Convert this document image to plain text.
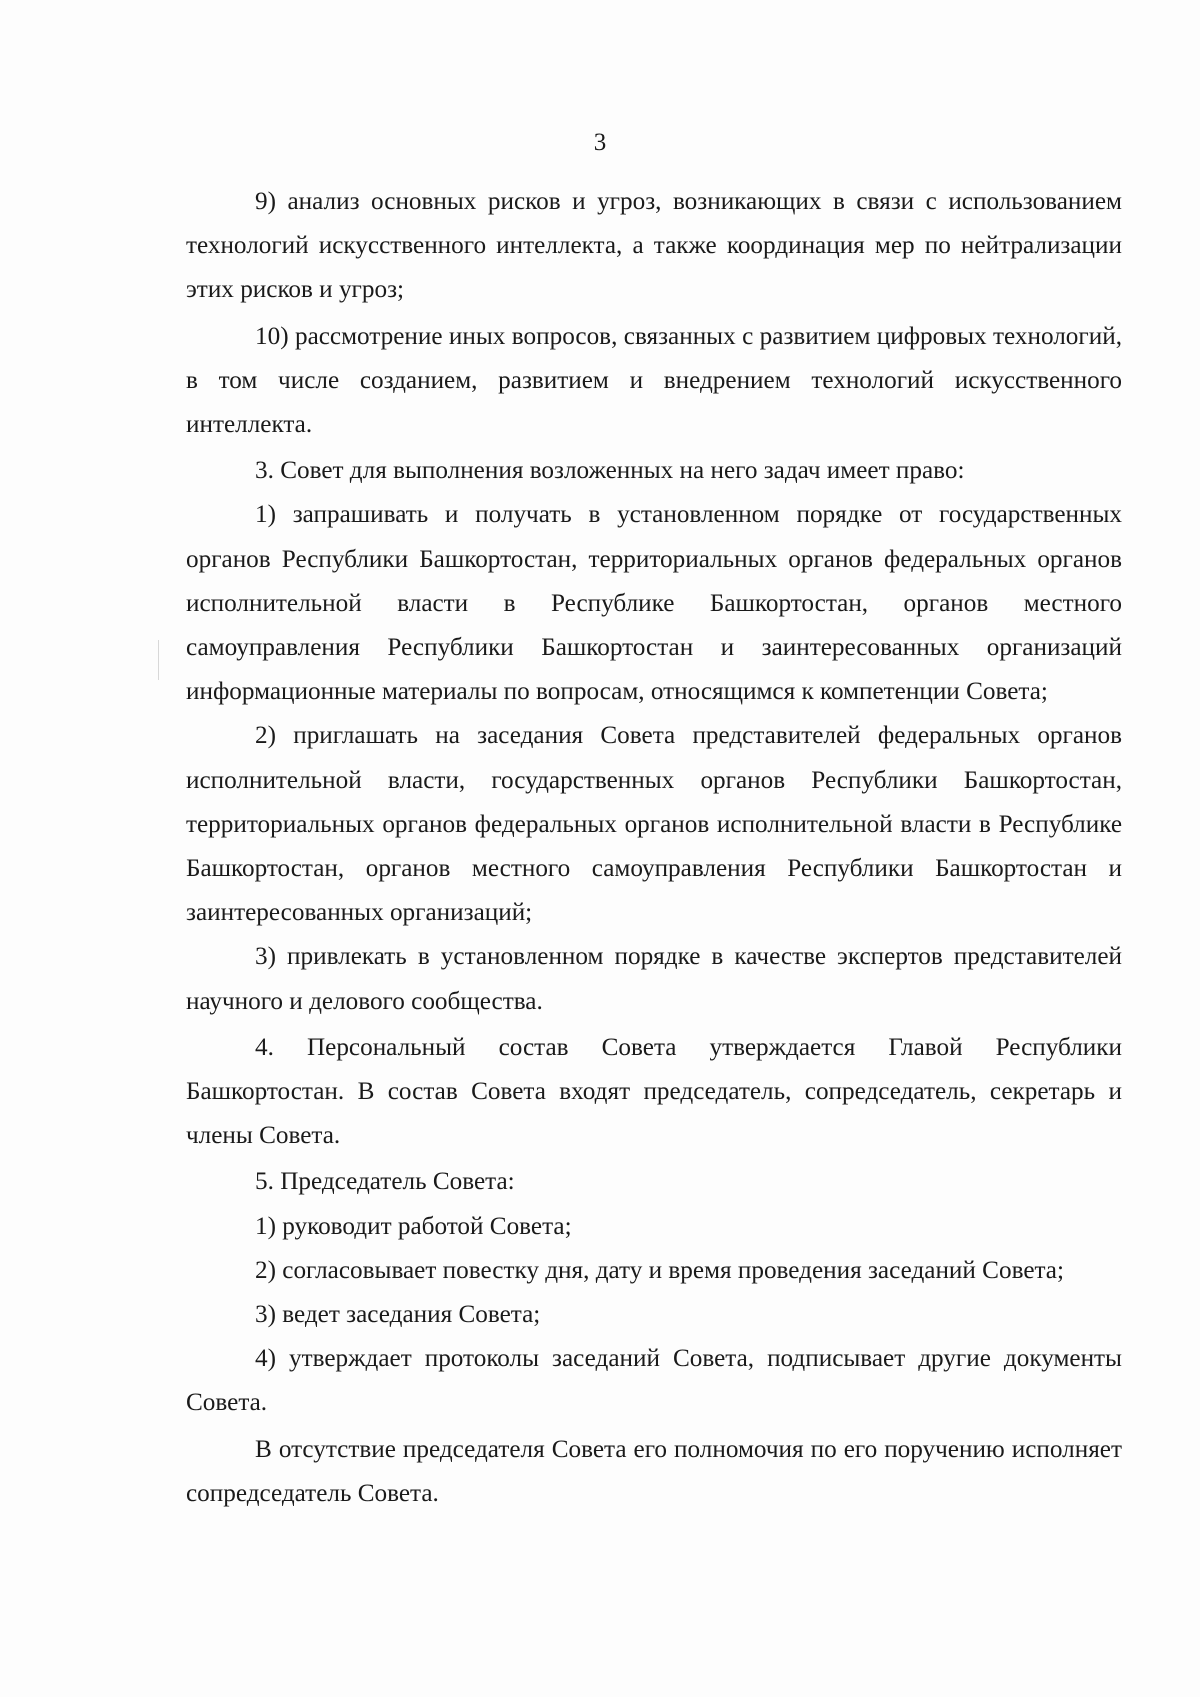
3

9) анализ основных рисков и угроз, возникающих в связи с использованием технологий искусственного интеллекта, а также координация мер по нейтрализации этих рисков и угроз;

10) рассмотрение иных вопросов, связанных с развитием цифровых технологий, в том числе созданием, развитием и внедрением технологий искусственного интеллекта.

3. Совет для выполнения возложенных на него задач имеет право:

1) запрашивать и получать в установленном порядке от государственных органов Республики Башкортостан, территориальных органов федеральных органов исполнительной власти в Республике Башкортостан, органов местного самоуправления Республики Башкортостан и заинтересованных организаций информационные материалы по вопросам, относящимся к компетенции Совета;

2) приглашать на заседания Совета представителей федеральных органов исполнительной власти, государственных органов Республики Башкортостан, территориальных органов федеральных органов исполнительной власти в Республике Башкортостан, органов местного самоуправления Республики Башкортостан и заинтересованных организаций;

3) привлекать в установленном порядке в качестве экспертов представителей научного и делового сообщества.

4. Персональный состав Совета утверждается Главой Республики Башкортостан. В состав Совета входят председатель, сопредседатель, секретарь и члены Совета.

5. Председатель Совета:

1) руководит работой Совета;

2) согласовывает повестку дня, дату и время проведения заседаний Совета;

3) ведет заседания Совета;

4) утверждает протоколы заседаний Совета, подписывает другие документы Совета.

В отсутствие председателя Совета его полномочия по его поручению исполняет сопредседатель Совета.
